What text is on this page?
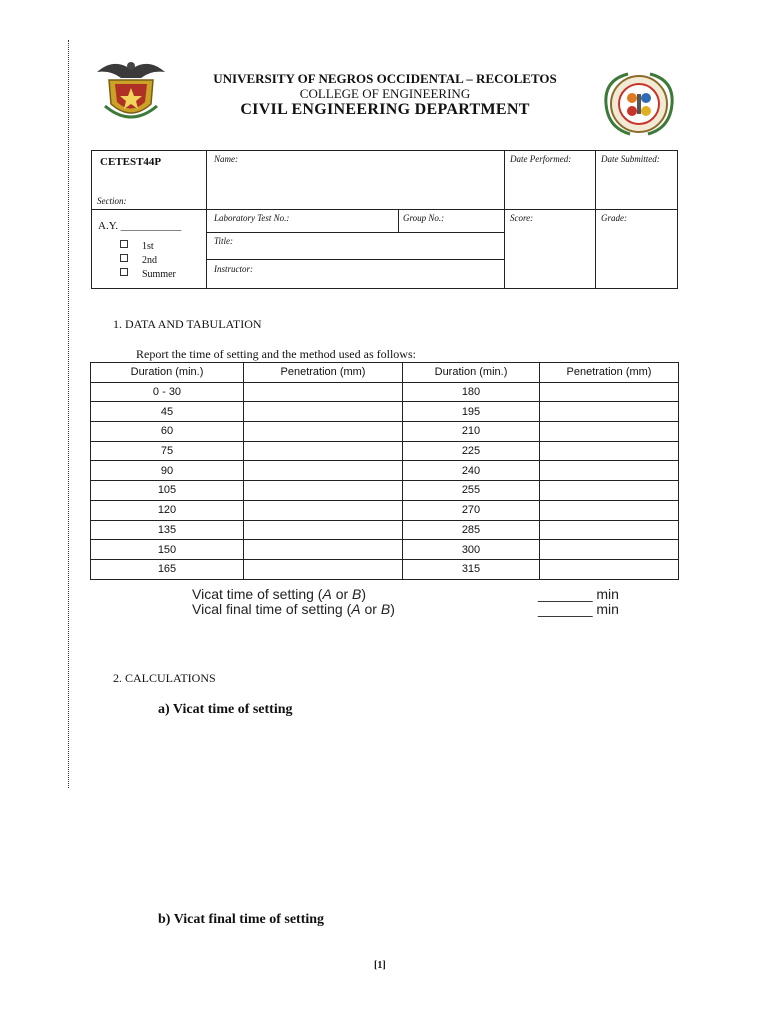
UNIVERSITY OF NEGROS OCCIDENTAL – RECOLETOS
COLLEGE OF ENGINEERING
CIVIL ENGINEERING DEPARTMENT
CETEST44P
Section:
Name:	Date Performed:	Date Submitted:
A.Y. ___________
1st
2nd
Summer
Laboratory Test No.:	Group No.:	Score:	Grade:
Title:
Instructor:
1. DATA AND TABULATION
Report the time of setting and the method used as follows:
Duration (min.)	Penetration (mm)	Duration (min.)	Penetration (mm)
0 - 30		180	
45		195	
60		210	
75		225	
90		240	
105		255	
120		270	
135		285	
150		300	
165		315	
Vicat time of setting (A or B)	_______ min
Vical final time of setting (A or B)	_______ min
2. CALCULATIONS
a) Vicat time of setting
b) Vicat final time of setting
[1]
